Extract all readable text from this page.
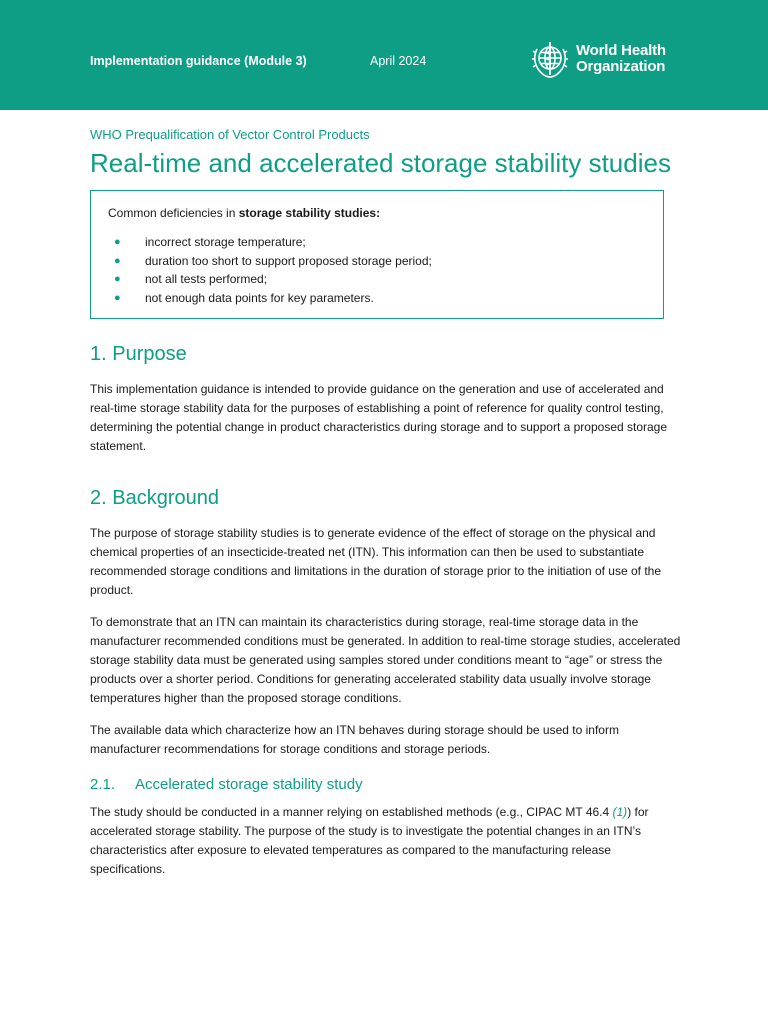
Implementation guidance (Module 3)	April 2024
World Health
Organization
WHO Prequalification of Vector Control Products
Real-time and accelerated storage stability studies
Common deficiencies in storage stability studies:
● incorrect storage temperature;
● duration too short to support proposed storage period;
● not all tests performed;
● not enough data points for key parameters.
1. Purpose

This implementation guidance is intended to provide guidance on the generation and use of accelerated and real-time storage stability data for the purposes of establishing a point of reference for quality control testing, determining the potential change in product characteristics during storage and to support a proposed storage statement.

2. Background

The purpose of storage stability studies is to generate evidence of the effect of storage on the physical and chemical properties of an insecticide-treated net (ITN). This information can then be used to substantiate recommended storage conditions and limitations in the duration of storage prior to the initiation of use of the product.

To demonstrate that an ITN can maintain its characteristics during storage, real-time storage data in the manufacturer recommended conditions must be generated. In addition to real-time storage studies, accelerated storage stability data must be generated using samples stored under conditions meant to “age” or stress the products over a shorter period. Conditions for generating accelerated stability data usually involve storage temperatures higher than the proposed storage conditions.

The available data which characterize how an ITN behaves during storage should be used to inform manufacturer recommendations for storage conditions and storage periods.

2.1. Accelerated storage stability study

The study should be conducted in a manner relying on established methods (e.g., CIPAC MT 46.4 (1)) for accelerated storage stability. The purpose of the study is to investigate the potential changes in an ITN’s characteristics after exposure to elevated temperatures as compared to the manufacturing release specifications.
